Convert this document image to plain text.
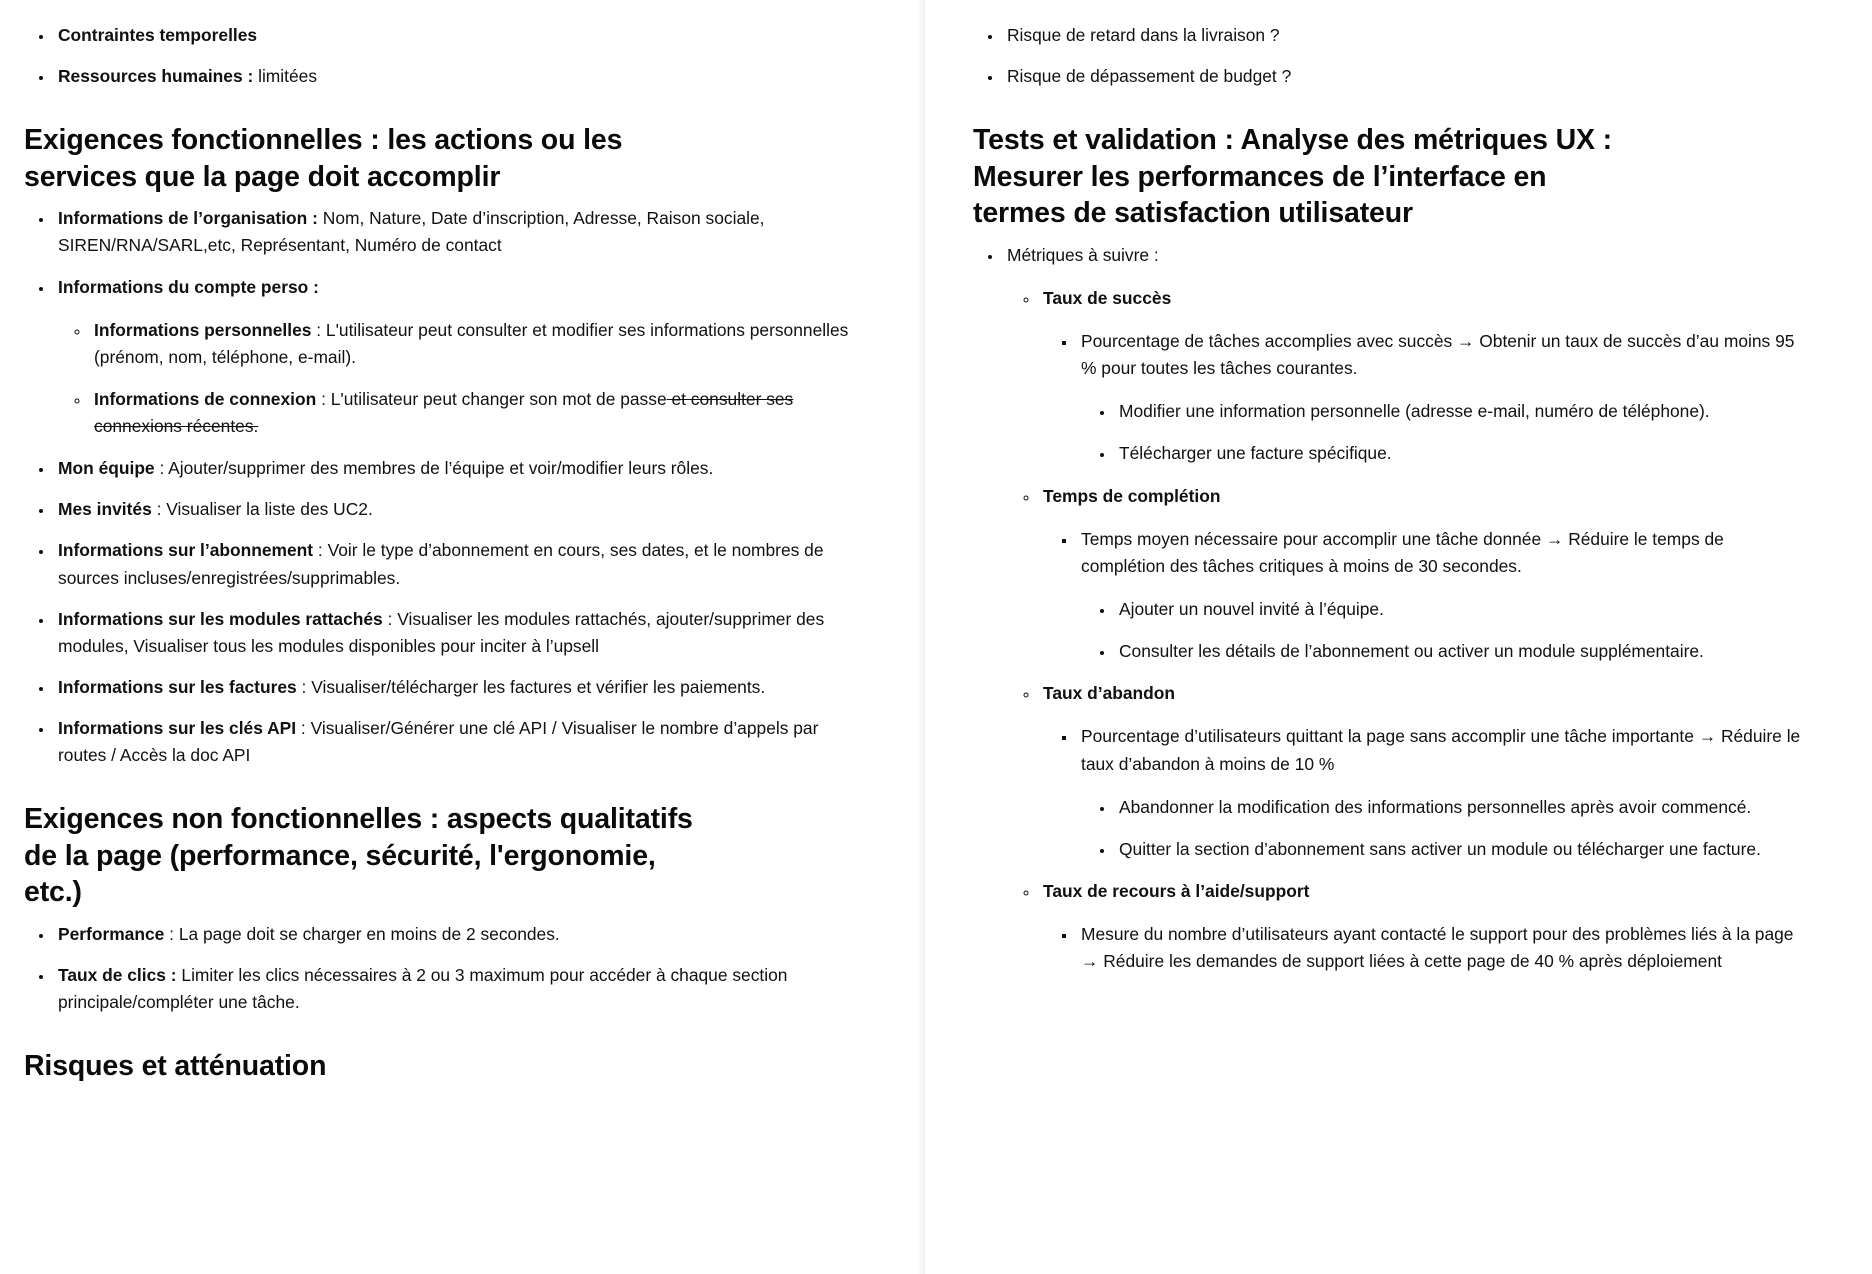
• Contraintes temporelles
• Ressources humaines : limitées
Exigences fonctionnelles : les actions ou les services que la page doit accomplir
• Informations de l’organisation : Nom, Nature, Date d’inscription, Adresse, Raison sociale, SIREN/RNA/SARL,etc, Représentant, Numéro de contact
• Informations du compte perso :
◦ Informations personnelles : L'utilisateur peut consulter et modifier ses informations personnelles (prénom, nom, téléphone, e-mail).
◦ Informations de connexion : L'utilisateur peut changer son mot de passe et consulter ses connexions récentes.
• Mon équipe : Ajouter/supprimer des membres de l’équipe et voir/modifier leurs rôles.
• Mes invités : Visualiser la liste des UC2.
• Informations sur l’abonnement : Voir le type d’abonnement en cours, ses dates, et le nombres de sources incluses/enregistrées/supprimables.
• Informations sur les modules rattachés : Visualiser les modules rattachés, ajouter/supprimer des modules, Visualiser tous les modules disponibles pour inciter à l’upsell
• Informations sur les factures : Visualiser/télécharger les factures et vérifier les paiements.
• Informations sur les clés API : Visualiser/Générer une clé API / Visualiser le nombre d’appels par routes / Accès la doc API
Exigences non fonctionnelles : aspects qualitatifs de la page (performance, sécurité, l'ergonomie, etc.)
• Performance : La page doit se charger en moins de 2 secondes.
• Taux de clics : Limiter les clics nécessaires à 2 ou 3 maximum pour accéder à chaque section principale/compléter une tâche.
Risques et atténuation
• Risque de retard dans la livraison ?
• Risque de dépassement de budget ?
Tests et validation : Analyse des métriques UX : Mesurer les performances de l’interface en termes de satisfaction utilisateur
• Métriques à suivre :
◦ Taux de succès
▪ Pourcentage de tâches accomplies avec succès → Obtenir un taux de succès d’au moins 95 % pour toutes les tâches courantes.
• Modifier une information personnelle (adresse e-mail, numéro de téléphone).
• Télécharger une facture spécifique.
◦ Temps de complétion
▪ Temps moyen nécessaire pour accomplir une tâche donnée → Réduire le temps de complétion des tâches critiques à moins de 30 secondes.
• Ajouter un nouvel invité à l’équipe.
• Consulter les détails de l’abonnement ou activer un module supplémentaire.
◦ Taux d’abandon
▪ Pourcentage d’utilisateurs quittant la page sans accomplir une tâche importante → Réduire le taux d’abandon à moins de 10 %
• Abandonner la modification des informations personnelles après avoir commencé.
• Quitter la section d’abonnement sans activer un module ou télécharger une facture.
◦ Taux de recours à l’aide/support
▪ Mesure du nombre d’utilisateurs ayant contacté le support pour des problèmes liés à la page → Réduire les demandes de support liées à cette page de 40 % après déploiement
